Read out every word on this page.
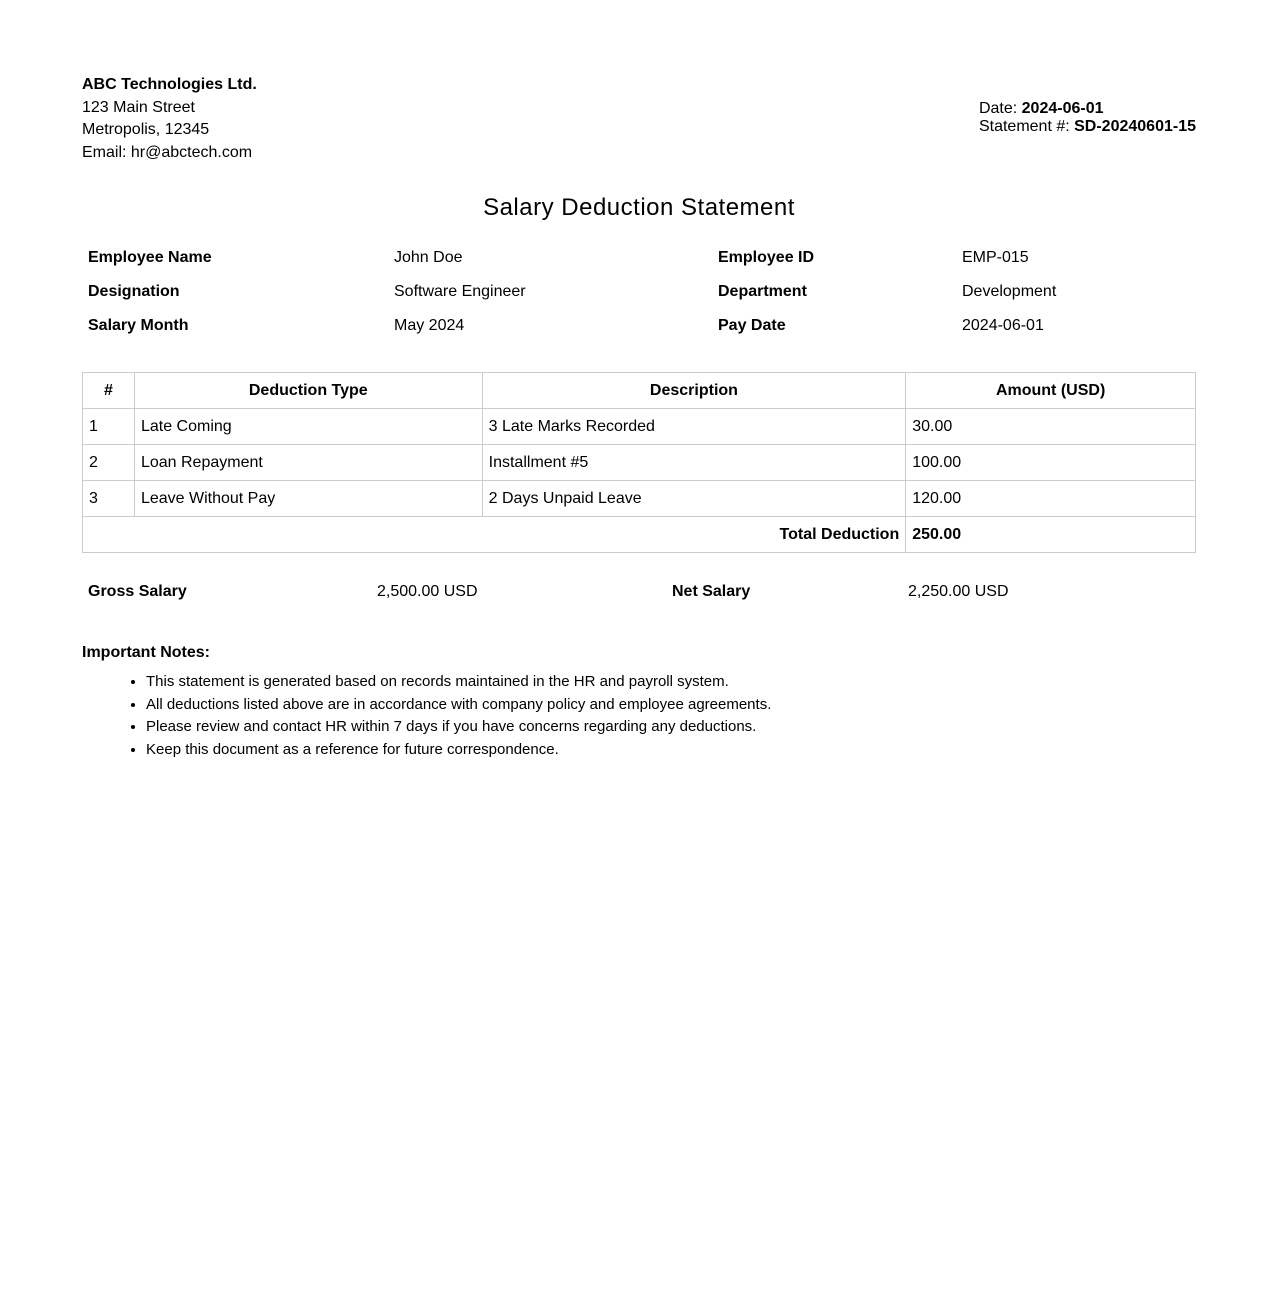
ABC Technologies Ltd.
123 Main Street
Metropolis, 12345
Email: hr@abctech.com
Date: 2024-06-01
Statement #: SD-20240601-15
Salary Deduction Statement
Employee Name	John Doe	Employee ID	EMP-015
Designation	Software Engineer	Department	Development
Salary Month	May 2024	Pay Date	2024-06-01
#	Deduction Type	Description	Amount (USD)
1	Late Coming	3 Late Marks Recorded	30.00
2	Loan Repayment	Installment #5	100.00
3	Leave Without Pay	2 Days Unpaid Leave	120.00
Total Deduction			250.00
Gross Salary	2,500.00 USD	Net Salary	2,250.00 USD
Important Notes:
• This statement is generated based on records maintained in the HR and payroll system.
• All deductions listed above are in accordance with company policy and employee agreements.
• Please review and contact HR within 7 days if you have concerns regarding any deductions.
• Keep this document as a reference for future correspondence.
